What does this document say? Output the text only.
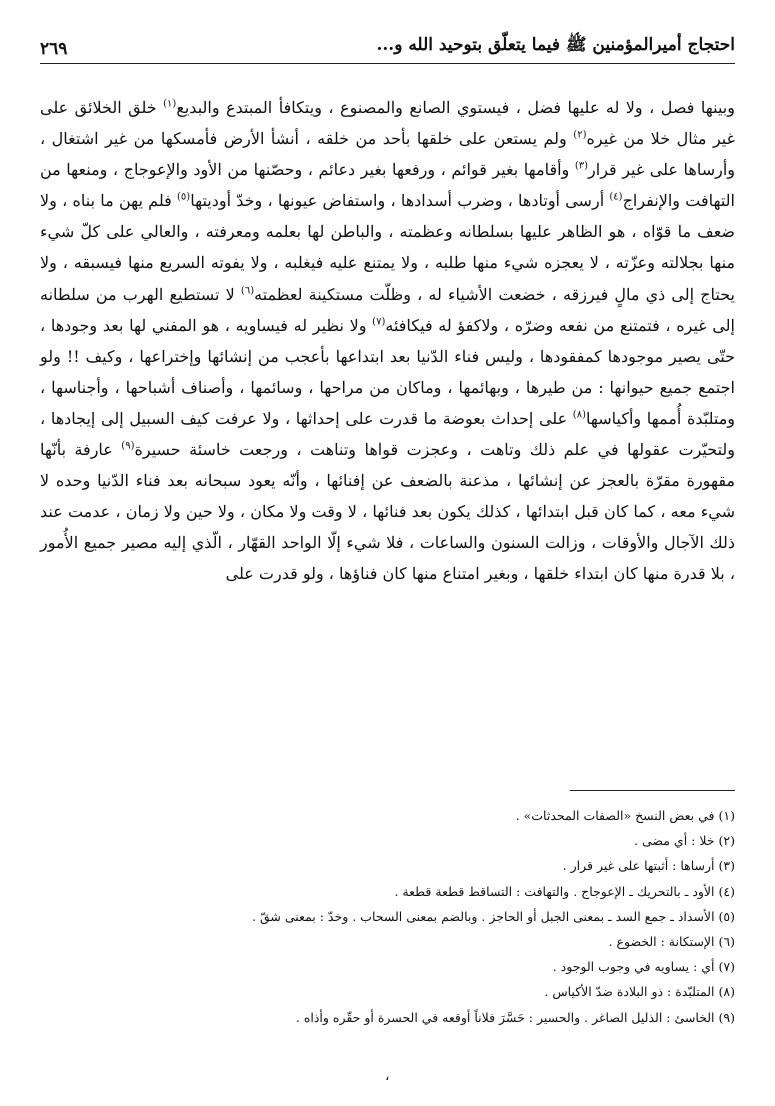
احتجاج أميرالمؤمنين ﷺ فيما يتعلّق بتوحيد الله و...
٢٦٩

وبينها فصل ، ولا له عليها فضل ، فيستوي الصانع والمصنوع ، ويتكافأ المبتدع والبديع$^{(١)}$ خلق الخلائق على غير مثال خلا من غيره$^{(٢)}$ ولم يستعن على خلقها بأحد من خلقه ، أنشأ الأرض فأمسكها من غير اشتغال ، وأرساها على غير قرار$^{(٣)}$ وأقامها بغير قوائم ، ورفعها بغير دعائم ، وحصّنها من الأود والإعوجاج ، ومنعها من التهافت والإنفراج$^{(٤)}$ أرسى أوتادها ، وضرب أسدادها ، واستفاض عيونها ، وخدّ أوديتها$^{(٥)}$ فلم يهن ما بناه ، ولا ضعف ما قوّاه ، هو الظاهر عليها بسلطانه وعظمته ، والباطن لها بعلمه ومعرفته ، والعالي على كلّ شيء منها بجلالته وعزّته ، لا يعجزه شيء منها طلبه ، ولا يمتنع عليه فيغلبه ، ولا يفوته السريع منها فيسبقه ، ولا يحتاج إلى ذي مالٍ فيرزقه ، خضعت الأشياء له ، وظلّت مستكينة لعظمته$^{(٦)}$ لا تستطيع الهرب من سلطانه إلى غيره ، فتمتنع من نفعه وضرّه ، ولاكفؤ له فيكافئه$^{(٧)}$ ولا نظير له فيساويه ، هو المفني لها بعد وجودها ، حتّى يصير موجودها كمفقودها ، وليس فناء الدّنيا بعد ابتداعها بأعجب من إنشائها وإختراعها ، وكيف !! ولو اجتمع جميع حيوانها : من طيرها ، وبهائمها ، وماكان من مراحها ، وسائمها ، وأصناف أشباحها ، وأجناسها ، ومتلبّدة أُممها وأكياسها$^{(٨)}$ على إحداث بعوضة ما قدرت على إحداثها ، ولا عرفت كيف السبيل إلى إيجادها ، ولتحيّرت عقولها في علم ذلك وتاهت ، وعجزت قواها وتناهت ، ورجعت خاسئة حسيرة$^{(٩)}$ عارفة بأنّها مقهورة مقرّة بالعجز عن إنشائها ، مذعنة بالضعف عن إفنائها ، وأنّه يعود سبحانه بعد فناء الدّنيا وحده لا شيء معه ، كما كان قبل ابتدائها ، كذلك يكون بعد فنائها ، لا وقت ولا مكان ، ولا حين ولا زمان ، عدمت عند ذلك الآجال والأوقات ، وزالت السنون والساعات ، فلا شيء إلّا الواحد القهّار ، الّذي إليه مصير جميع الأُمور ، بلا قدرة منها كان ابتداء خلقها ، وبغير امتناع منها كان فناؤها ، ولو قدرت على

(١) في بعض النسخ «الصفات المحدثات» .
(٢) خلا : أي مضى .
(٣) أرساها : أثبتها على غير قرار .
(٤) الأود ـ بالتحريك ـ الإعوجاج . والتهافت : التساقط قطعة قطعة .
(٥) الأسداد ـ جمع السد ـ بمعنى الجبل أو الحاجز . وبالضم بمعنى السحاب . وخدّ : بمعنى شقّ .
(٦) الإستكانة : الخضوع .
(٧) أي : يساويه في وجوب الوجود .
(٨) المتلبّدة : ذو البلادة ضدّ الأكياس .
(٩) الخاسئ : الذليل الصاغر . والحسير : حَسَّرَ فلاناً أوقعه في الحسرة أو حقّره وأذاه .
،
